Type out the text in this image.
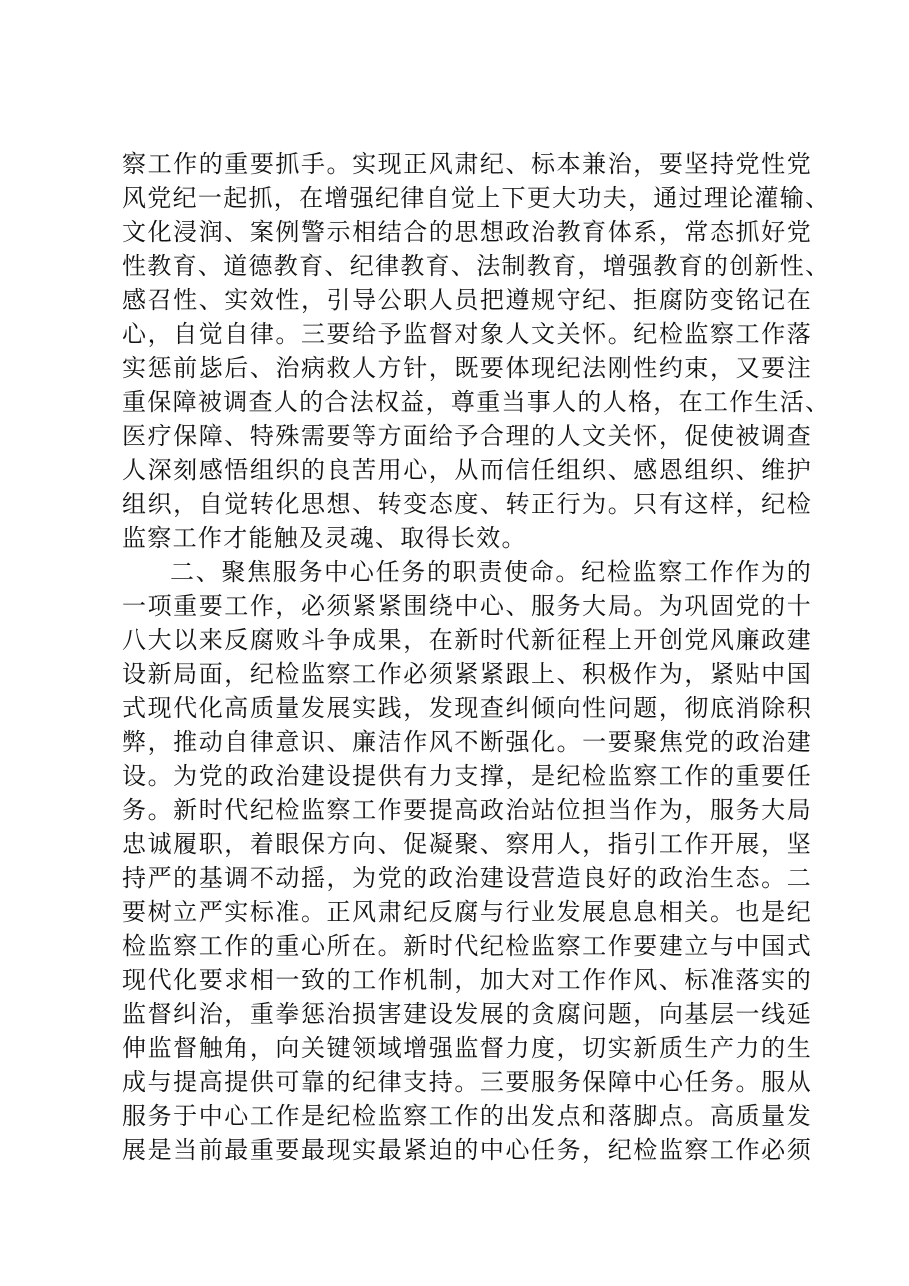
察工作的重要抓手。实现正风肃纪、标本兼治，要坚持党性党
风党纪一起抓，在增强纪律自觉上下更大功夫，通过理论灌输、
文化浸润、案例警示相结合的思想政治教育体系，常态抓好党
性教育、道德教育、纪律教育、法制教育，增强教育的创新性、
感召性、实效性，引导公职人员把遵规守纪、拒腐防变铭记在
心，自觉自律。三要给予监督对象人文关怀。纪检监察工作落
实惩前毖后、治病救人方针，既要体现纪法刚性约束，又要注
重保障被调查人的合法权益，尊重当事人的人格，在工作生活、
医疗保障、特殊需要等方面给予合理的人文关怀，促使被调查
人深刻感悟组织的良苦用心，从而信任组织、感恩组织、维护
组织，自觉转化思想、转变态度、转正行为。只有这样，纪检
监察工作才能触及灵魂、取得长效。
二、聚焦服务中心任务的职责使命。纪检监察工作作为的
一项重要工作，必须紧紧围绕中心、服务大局。为巩固党的十
八大以来反腐败斗争成果，在新时代新征程上开创党风廉政建
设新局面，纪检监察工作必须紧紧跟上、积极作为，紧贴中国
式现代化高质量发展实践，发现查纠倾向性问题，彻底消除积
弊，推动自律意识、廉洁作风不断强化。一要聚焦党的政治建
设。为党的政治建设提供有力支撑，是纪检监察工作的重要任
务。新时代纪检监察工作要提高政治站位担当作为，服务大局
忠诚履职，着眼保方向、促凝聚、察用人，指引工作开展，坚
持严的基调不动摇，为党的政治建设营造良好的政治生态。二
要树立严实标准。正风肃纪反腐与行业发展息息相关。也是纪
检监察工作的重心所在。新时代纪检监察工作要建立与中国式
现代化要求相一致的工作机制，加大对工作作风、标准落实的
监督纠治，重拳惩治损害建设发展的贪腐问题，向基层一线延
伸监督触角，向关键领域增强监督力度，切实新质生产力的生
成与提高提供可靠的纪律支持。三要服务保障中心任务。服从
服务于中心工作是纪检监察工作的出发点和落脚点。高质量发
展是当前最重要最现实最紧迫的中心任务，纪检监察工作必须
